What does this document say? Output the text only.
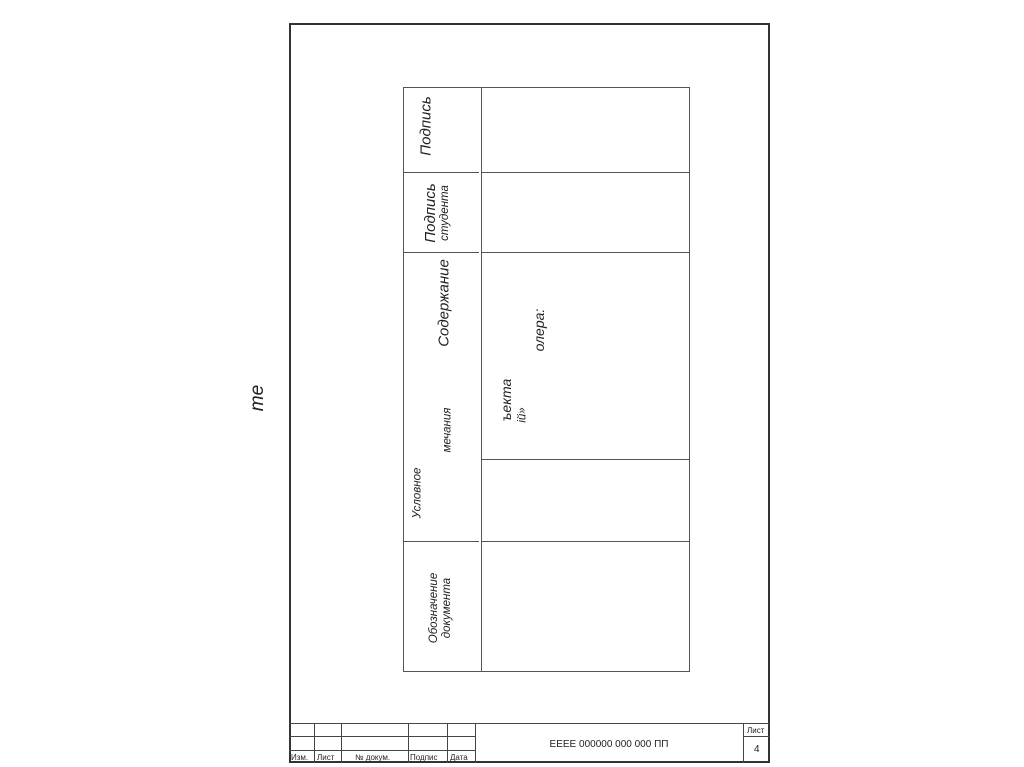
те
Подпись
Подпись студента
Содержание
мечания
Условное
Обозначение документа
ъекта ій»
олера:
Изм. Лист	№ докум. Подпис Дата
ЕЕЕЕ 000000 000 000 ПП
Лист
4
